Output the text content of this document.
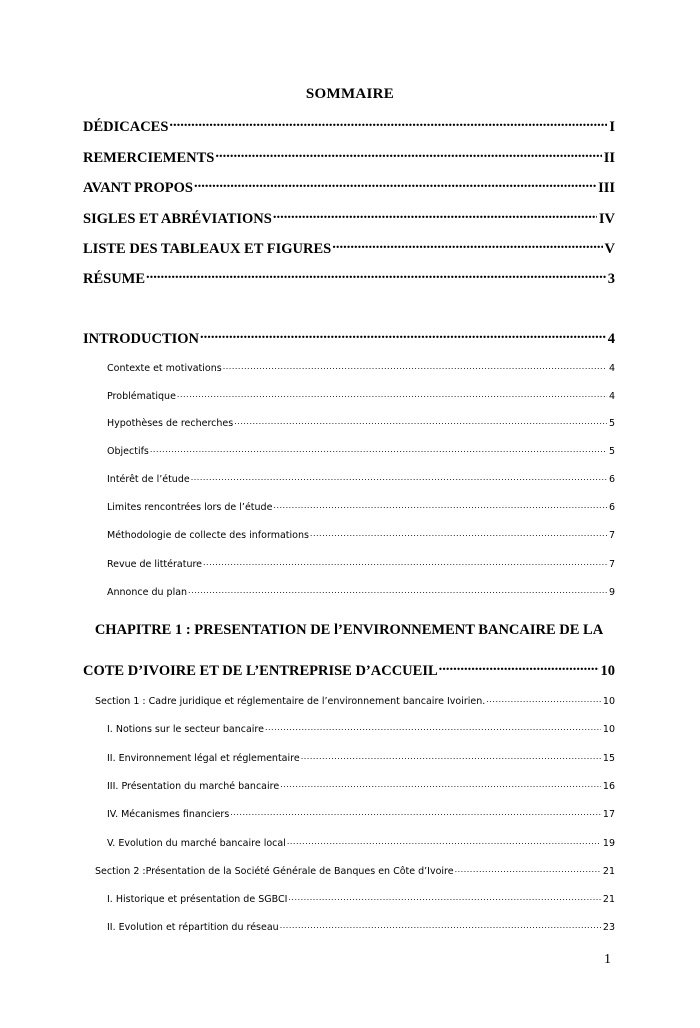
SOMMAIRE
DÉDICACES .....	I
REMERCIEMENTS .....	II
AVANT PROPOS .....	III
SIGLES ET ABRÉVIATIONS .....	IV
LISTE DES TABLEAUX ET FIGURES .....	V
RÉSUME .....	3
INTRODUCTION .....	4
Contexte et motivations .....	4
Problématique .....	4
Hypothèses de recherches .....	5
Objectifs .....	5
Intérêt de l’étude .....	6
Limites rencontrées lors de l’étude .....	6
Méthodologie de collecte des informations .....	7
Revue de littérature .....	7
Annonce du plan .....	9
CHAPITRE 1 : PRESENTATION DE l’ENVIRONNEMENT BANCAIRE DE LA
COTE D’IVOIRE ET DE L’ENTREPRISE D’ACCUEIL .....	10
Section 1 : Cadre juridique et réglementaire de l’environnement bancaire Ivoirien. .....	10
I. Notions sur le secteur bancaire .....	10
II. Environnement légal et réglementaire .....	15
III. Présentation du marché bancaire .....	16
IV. Mécanismes financiers .....	17
V. Evolution du marché bancaire local .....	19
Section 2 :Présentation de la Société Générale de Banques en Côte d’Ivoire .....	21
I. Historique et présentation de SGBCI .....	21
II. Evolution et répartition du réseau .....	23
1
